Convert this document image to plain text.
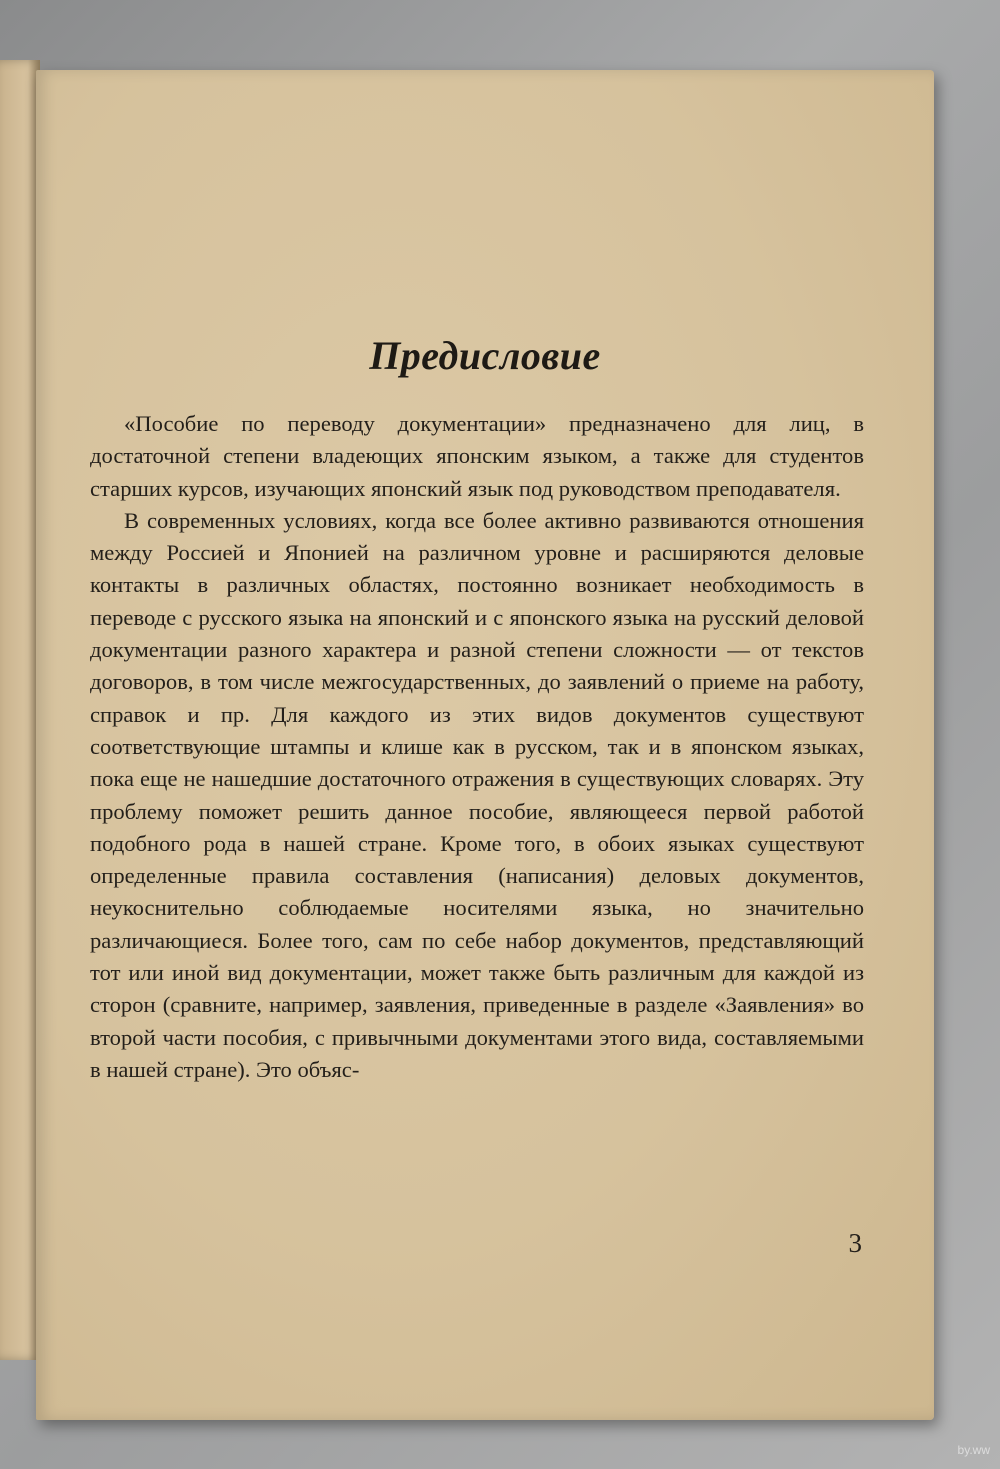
Предисловие

«Пособие по переводу документации» предназначено для лиц, в достаточной степени владеющих японским языком, а также для студентов старших курсов, изучающих японский язык под руководством преподавателя.

В современных условиях, когда все более активно развиваются отношения между Россией и Японией на различном уровне и расширяются деловые контакты в различных областях, постоянно возникает необходимость в переводе с русского языка на японский и с японского языка на русский деловой документации разного характера и разной степени сложности — от текстов договоров, в том числе межгосударственных, до заявлений о приеме на работу, справок и пр. Для каждого из этих видов документов существуют соответствующие штампы и клише как в русском, так и в японском языках, пока еще не нашедшие достаточного отражения в существующих словарях. Эту проблему поможет решить данное пособие, являющееся первой работой подобного рода в нашей стране. Кроме того, в обоих языках существуют определенные правила составления (написания) деловых документов, неукоснительно соблюдаемые носителями языка, но значительно различающиеся. Более того, сам по себе набор документов, представляющий тот или иной вид документации, может также быть различным для каждой из сторон (сравните, например, заявления, приведенные в разделе «Заявления» во второй части пособия, с привычными документами этого вида, составляемыми в нашей стране). Это объяс-

3
by.ww
